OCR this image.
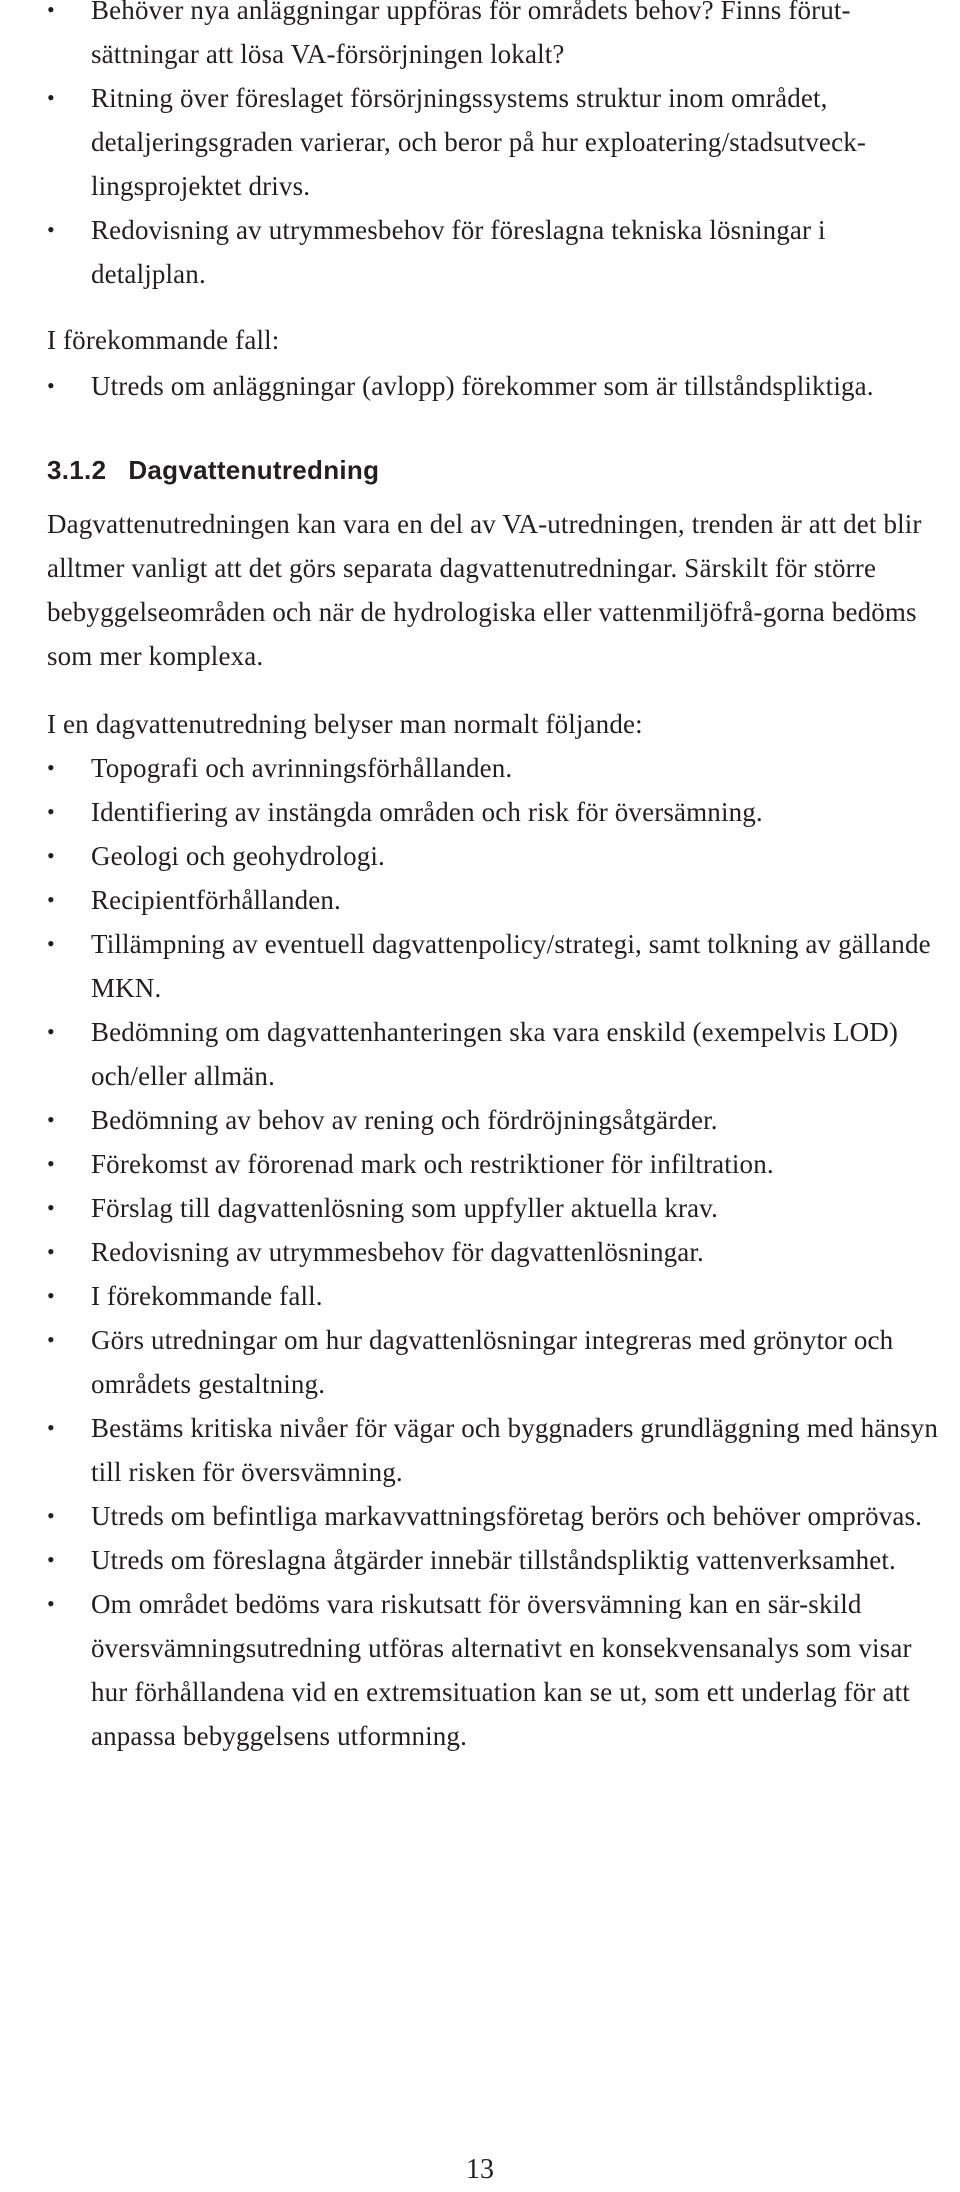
•	Behöver nya anläggningar uppföras för områdets behov? Finns förut-sättningar att lösa VA-försörjningen lokalt?
•	Ritning över föreslaget försörjningssystems struktur inom området, detaljeringsgraden varierar, och beror på hur exploatering/stadsutveck-lingsprojektet drivs.
•	Redovisning av utrymmesbehov för föreslagna tekniska lösningar i detaljplan.

I förekommande fall:

•	Utreds om anläggningar (avlopp) förekommer som är tillståndspliktiga.
3.1.2 Dagvattenutredning

Dagvattenutredningen kan vara en del av VA-utredningen, trenden är att det blir alltmer vanligt att det görs separata dagvattenutredningar. Särskilt för större bebyggelseområden och när de hydrologiska eller vattenmiljöfrå-gorna bedöms som mer komplexa.

I en dagvattenutredning belyser man normalt följande:

•	Topografi och avrinningsförhållanden.
•	Identifiering av instängda områden och risk för översämning.
•	Geologi och geohydrologi.
•	Recipientförhållanden.
•	Tillämpning av eventuell dagvattenpolicy/strategi, samt tolkning av gällande MKN.
•	Bedömning om dagvattenhanteringen ska vara enskild (exempelvis LOD) och/eller allmän.
•	Bedömning av behov av rening och fördröjningsåtgärder.
•	Förekomst av förorenad mark och restriktioner för infiltration.
•	Förslag till dagvattenlösning som uppfyller aktuella krav.
•	Redovisning av utrymmesbehov för dagvattenlösningar.
•	I förekommande fall.
•	Görs utredningar om hur dagvattenlösningar integreras med grönytor och områdets gestaltning.
•	Bestäms kritiska nivåer för vägar och byggnaders grundläggning med hänsyn till risken för översvämning.
•	Utreds om befintliga markavvattningsföretag berörs och behöver omprövas.
•	Utreds om föreslagna åtgärder innebär tillståndspliktig vattenverksamhet.
•	Om området bedöms vara riskutsatt för översvämning kan en sär-skild översvämningsutredning utföras alternativt en konsekvensanalys som visar hur förhållandena vid en extremsituation kan se ut, som ett underlag för att anpassa bebyggelsens utformning.
13
